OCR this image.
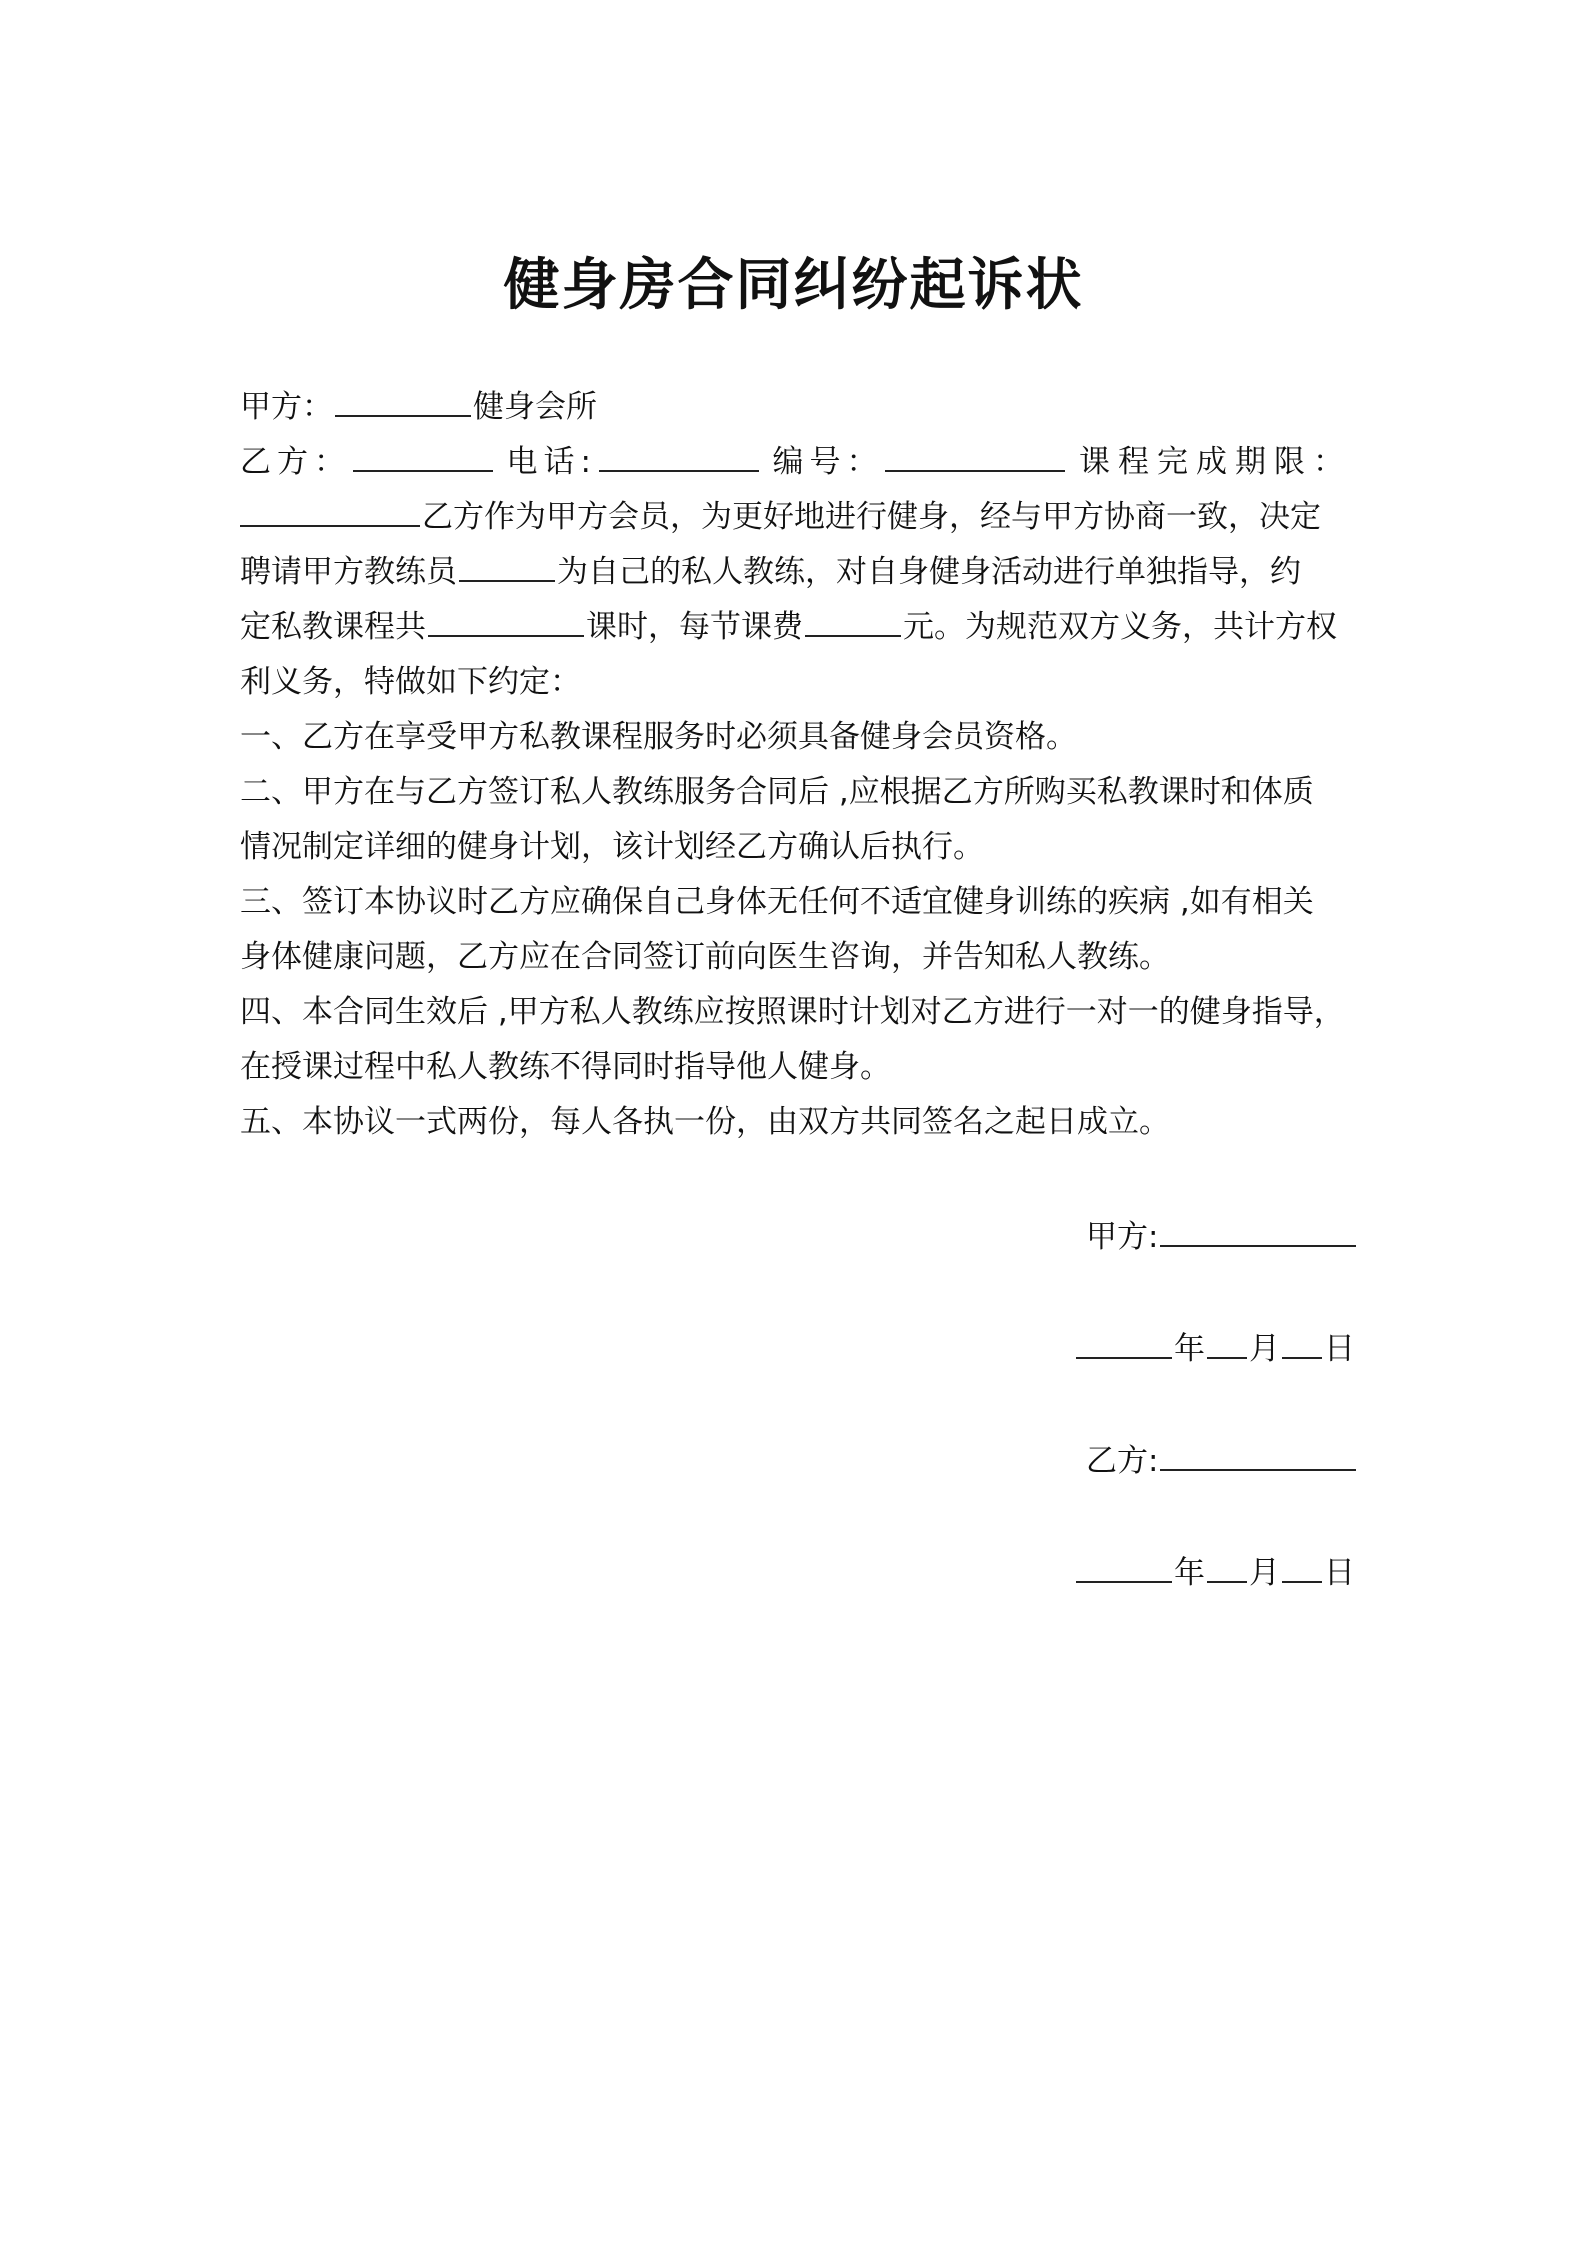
健身房合同纠纷起诉状
甲方：	健身会所
乙方：	电话:	编号：	课程完成期限：
乙方作为甲方会员，为更好地进行健身，经与甲方协商一致，决定
聘请甲方教练员	为自己的私人教练，对自身健身活动进行单独指导，约
定私教课程共	课时，每节课费	元。为规范双方义务，共计方权
利义务，特做如下约定：
一、乙方在享受甲方私教课程服务时必须具备健身会员资格。
二、甲方在与乙方签订私人教练服务合同后 ,应根据乙方所购买私教课时和体质
情况制定详细的健身计划，该计划经乙方确认后执行。
三、签订本协议时乙方应确保自己身体无任何不适宜健身训练的疾病 ,如有相关
身体健康问题，乙方应在合同签订前向医生咨询，并告知私人教练。
四、本合同生效后 ,甲方私人教练应按照课时计划对乙方进行一对一的健身指导，
在授课过程中私人教练不得同时指导他人健身。
五、本协议一式两份，每人各执一份，由双方共同签名之起日成立。
甲方:
年 月 日
乙方:
年 月 日
